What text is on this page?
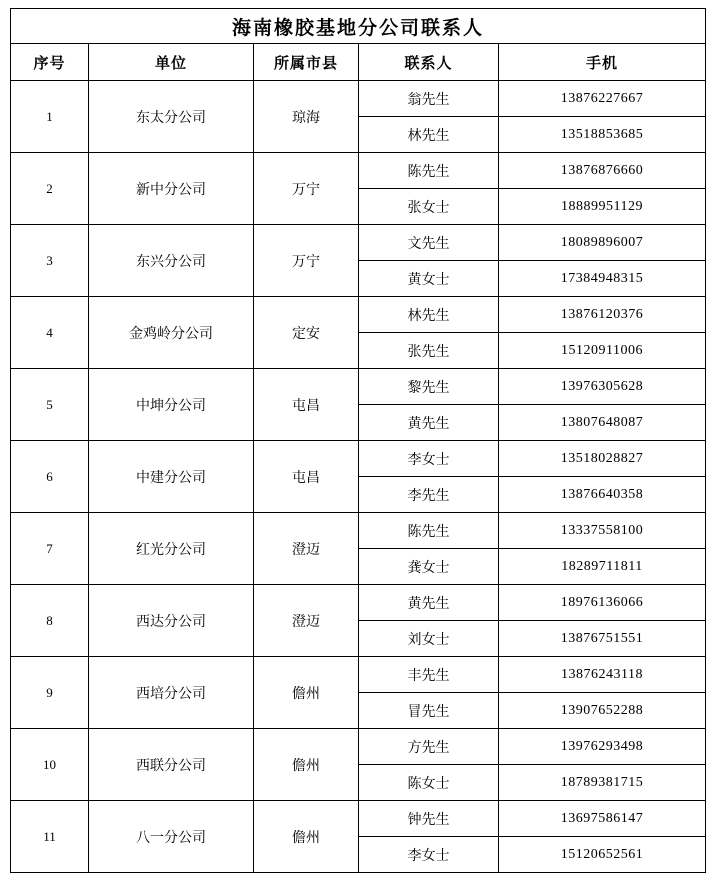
海南橡胶基地分公司联系人				
序号	单位	所属市县	联系人	手机
1	东太分公司	琼海	翁先生	13876227667
			林先生	13518853685
2	新中分公司	万宁	陈先生	13876876660
			张女士	18889951129
3	东兴分公司	万宁	文先生	18089896007
			黄女士	17384948315
4	金鸡岭分公司	定安	林先生	13876120376
			张先生	15120911006
5	中坤分公司	屯昌	黎先生	13976305628
			黄先生	13807648087
6	中建分公司	屯昌	李女士	13518028827
			李先生	13876640358
7	红光分公司	澄迈	陈先生	13337558100
			龚女士	18289711811
8	西达分公司	澄迈	黄先生	18976136066
			刘女士	13876751551
9	西培分公司	儋州	丰先生	13876243118
			冒先生	13907652288
10	西联分公司	儋州	方先生	13976293498
			陈女士	18789381715
11	八一分公司	儋州	钟先生	13697586147
			李女士	15120652561
